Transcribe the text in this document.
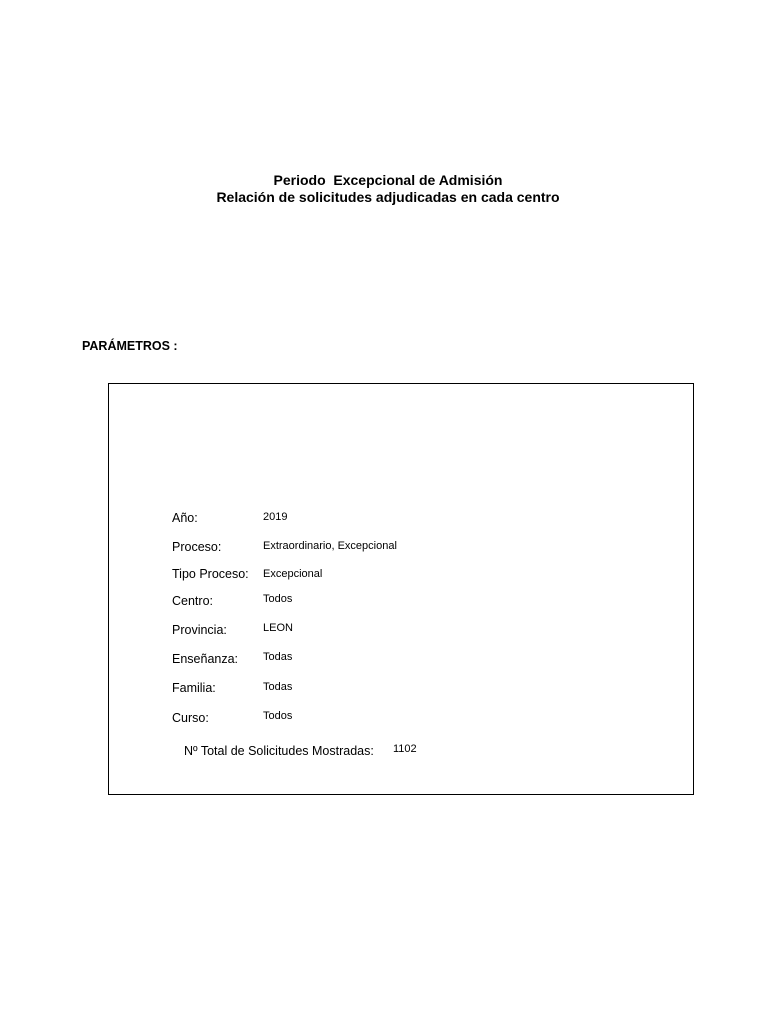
Periodo  Excepcional de Admisión
Relación de solicitudes adjudicadas en cada centro
PARÁMETROS :
Año:	2019
Proceso:	Extraordinario, Excepcional
Tipo Proceso: Excepcional
Centro:	Todos
Provincia:	LEON
Enseñanza: Todas
Familia:	Todas
Curso:	Todos
Nº Total de Solicitudes Mostradas: 1102
